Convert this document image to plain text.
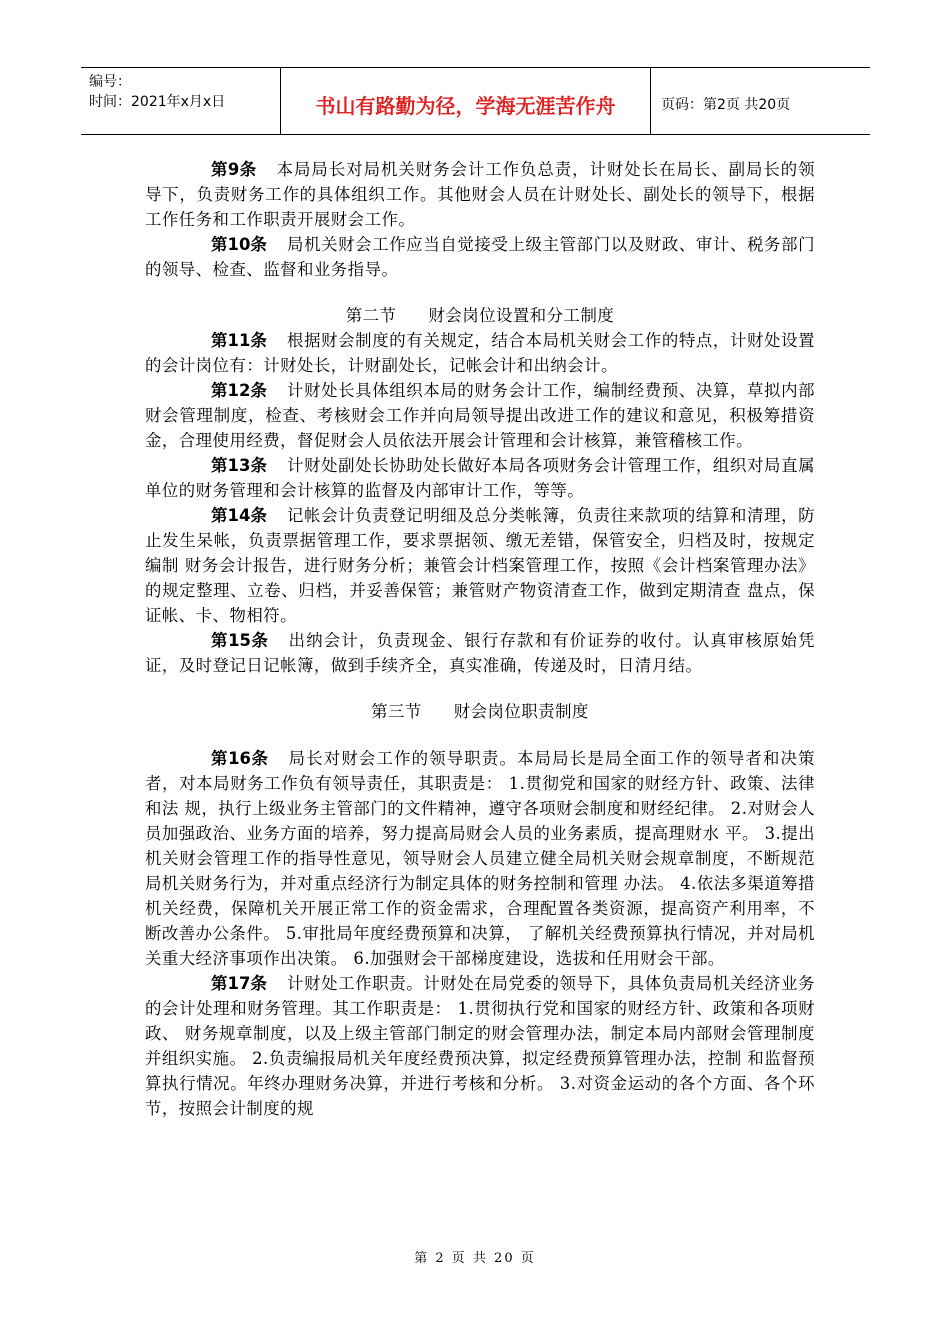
编号：
时间：2021年x月x日	书山有路勤为径，学海无涯苦作舟	页码：第2页 共20页

第9条 本局局长对局机关财务会计工作负总责，计财处长在局长、副局长的领导下，负责财务工作的具体组织工作。其他财会人员在计财处长、副处长的领导下，根据工作任务和工作职责开展财会工作。

第10条 局机关财会工作应当自觉接受上级主管部门以及财政、审计、税务部门的领导、检查、监督和业务指导。

第二节 财会岗位设置和分工制度

第11条 根据财会制度的有关规定，结合本局机关财会工作的特点，计财处设置的会计岗位有：计财处长，计财副处长，记帐会计和出纳会计。

第12条 计财处长具体组织本局的财务会计工作，编制经费预、决算，草拟内部财会管理制度，检查、考核财会工作并向局领导提出改进工作的建议和意见，积极筹措资金，合理使用经费，督促财会人员依法开展会计管理和会计核算，兼管稽核工作。

第13条 计财处副处长协助处长做好本局各项财务会计管理工作，组织对局直属单位的财务管理和会计核算的监督及内部审计工作，等等。

第14条 记帐会计负责登记明细及总分类帐簿，负责往来款项的结算和清理，防止发生呆帐，负责票据管理工作，要求票据领、缴无差错，保管安全，归档及时，按规定编制 财务会计报告，进行财务分析；兼管会计档案管理工作，按照《会计档案管理办法》的规定整理、立卷、归档，并妥善保管；兼管财产物资清查工作，做到定期清查 盘点，保证帐、卡、物相符。

第15条 出纳会计，负责现金、银行存款和有价证券的收付。认真审核原始凭证，及时登记日记帐簿，做到手续齐全，真实准确，传递及时，日清月结。

第三节 财会岗位职责制度

第16条 局长对财会工作的领导职责。本局局长是局全面工作的领导者和决策者，对本局财务工作负有领导责任，其职责是： 1.贯彻党和国家的财经方针、政策、法律和法 规，执行上级业务主管部门的文件精神，遵守各项财会制度和财经纪律。 2.对财会人员加强政治、业务方面的培养，努力提高局财会人员的业务素质，提高理财水 平。 3.提出机关财会管理工作的指导性意见，领导财会人员建立健全局机关财会规章制度，不断规范局机关财务行为，并对重点经济行为制定具体的财务控制和管理 办法。 4.依法多渠道筹措机关经费，保障机关开展正常工作的资金需求，合理配置各类资源，提高资产利用率，不断改善办公条件。 5.审批局年度经费预算和决算， 了解机关经费预算执行情况，并对局机关重大经济事项作出决策。 6.加强财会干部梯度建设，选拔和任用财会干部。

第17条 计财处工作职责。计财处在局党委的领导下，具体负责局机关经济业务的会计处理和财务管理。其工作职责是： 1.贯彻执行党和国家的财经方针、政策和各项财政、 财务规章制度，以及上级主管部门制定的财会管理办法，制定本局内部财会管理制度并组织实施。 2.负责编报局机关年度经费预决算，拟定经费预算管理办法，控制 和监督预算执行情况。年终办理财务决算，并进行考核和分析。 3.对资金运动的各个方面、各个环节，按照会计制度的规

第 2 页 共 20 页
